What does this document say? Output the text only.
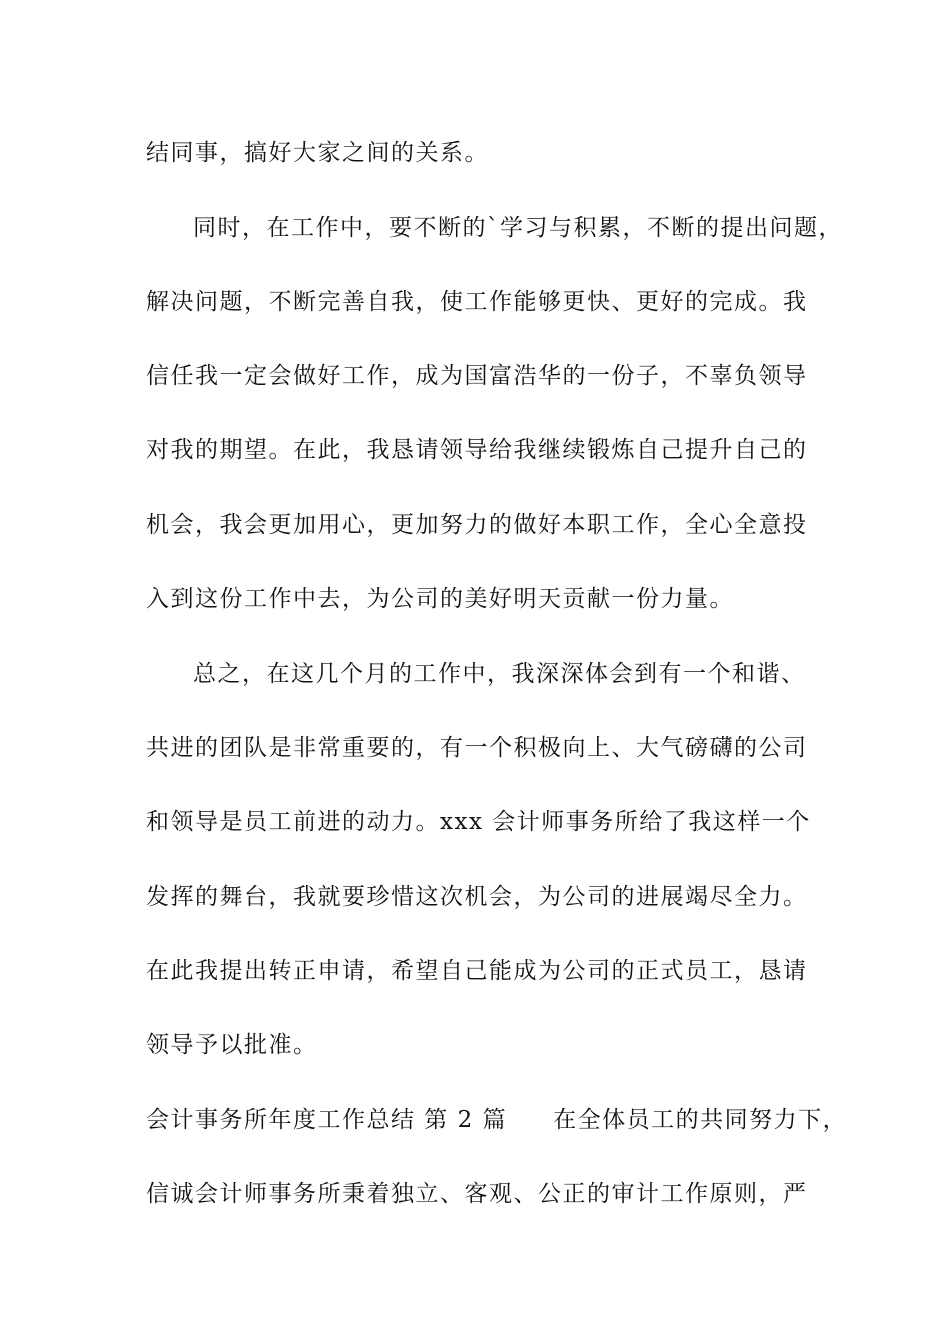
结同事，搞好大家之间的关系。
同时，在工作中，要不断的`学习与积累，不断的提出问题，
解决问题，不断完善自我，使工作能够更快、更好的完成。我
信任我一定会做好工作，成为国富浩华的一份子，不辜负领导
对我的期望。在此，我恳请领导给我继续锻炼自己提升自己的
机会，我会更加用心，更加努力的做好本职工作，全心全意投
入到这份工作中去，为公司的美好明天贡献一份力量。
总之，在这几个月的工作中，我深深体会到有一个和谐、
共进的团队是非常重要的，有一个积极向上、大气磅礴的公司
和领导是员工前进的动力。xxx 会计师事务所给了我这样一个
发挥的舞台，我就要珍惜这次机会，为公司的进展竭尽全力。
在此我提出转正申请，希望自己能成为公司的正式员工，恳请
领导予以批准。
会计事务所年度工作总结 第 2 篇 在全体员工的共同努力下，
信诚会计师事务所秉着独立、客观、公正的审计工作原则，严
